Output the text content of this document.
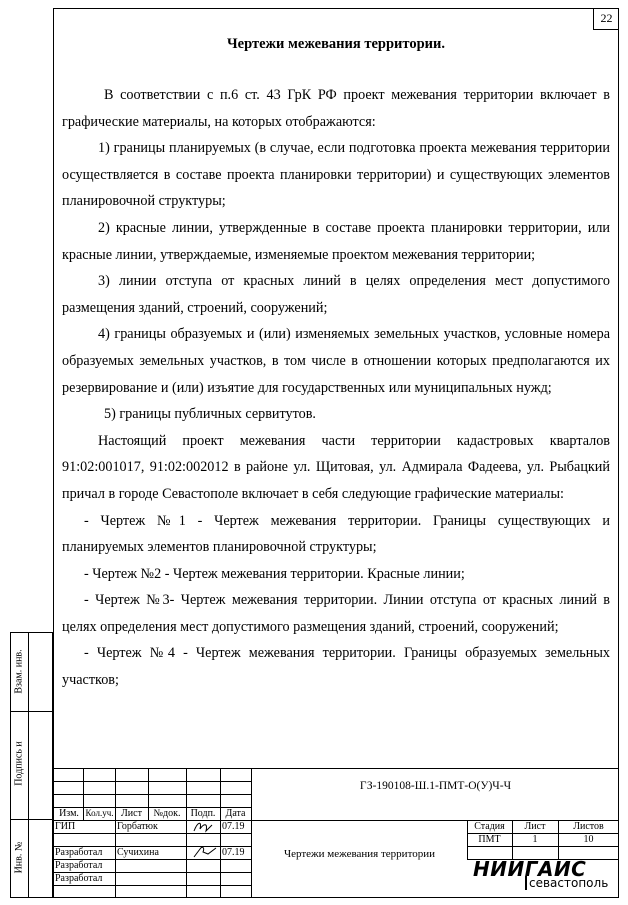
22
Чертежи межевания территории.

В соответствии с п.6 ст. 43 ГрК РФ проект межевания территории включает в графические материалы, на которых отображаются:

1) границы планируемых (в случае, если подготовка проекта межевания территории осуществляется в составе проекта планировки территории) и существующих элементов планировочной структуры;

2) красные линии, утвержденные в составе проекта планировки территории, или красные линии, утверждаемые, изменяемые проектом межевания территории;

3) линии отступа от красных линий в целях определения мест допустимого размещения зданий, строений, сооружений;

4) границы образуемых и (или) изменяемых земельных участков, условные номера образуемых земельных участков, в том числе в отношении которых предполагаются их резервирование и (или) изъятие для государственных или муниципальных нужд;

5) границы публичных сервитутов.

Настоящий проект межевания части территории кадастровых кварталов 91:02:001017, 91:02:002012 в районе ул. Щитовая, ул. Адмирала Фадеева, ул. Рыбацкий причал в городе Севастополе включает в себя следующие графические материалы:

- Чертеж №1 - Чертеж межевания территории. Границы существующих и планируемых элементов планировочной структуры;

- Чертеж №2 - Чертеж межевания территории. Красные линии;

- Чертеж №3- Чертеж межевания территории. Линии отступа от красных линий в целях определения мест допустимого размещения зданий, строений, сооружений;

- Чертеж №4 - Чертеж межевания территории. Границы образуемых земельных участков;

Взам. инв.
Подпись и
Инв. №
ГЗ-190108-Ш.1-ПМТ-О(У)Ч-Ч
Изм. Кол.уч. Лист	№док.	Подп.	Дата
ГИП	Горбатюк	07.19
Разработал Сучихина	07.19
Разработал
Разработал
Чертежи межевания территории
Стадия	Лист	Листов
ПМТ	1	10
НИИГАИС
севастополь
